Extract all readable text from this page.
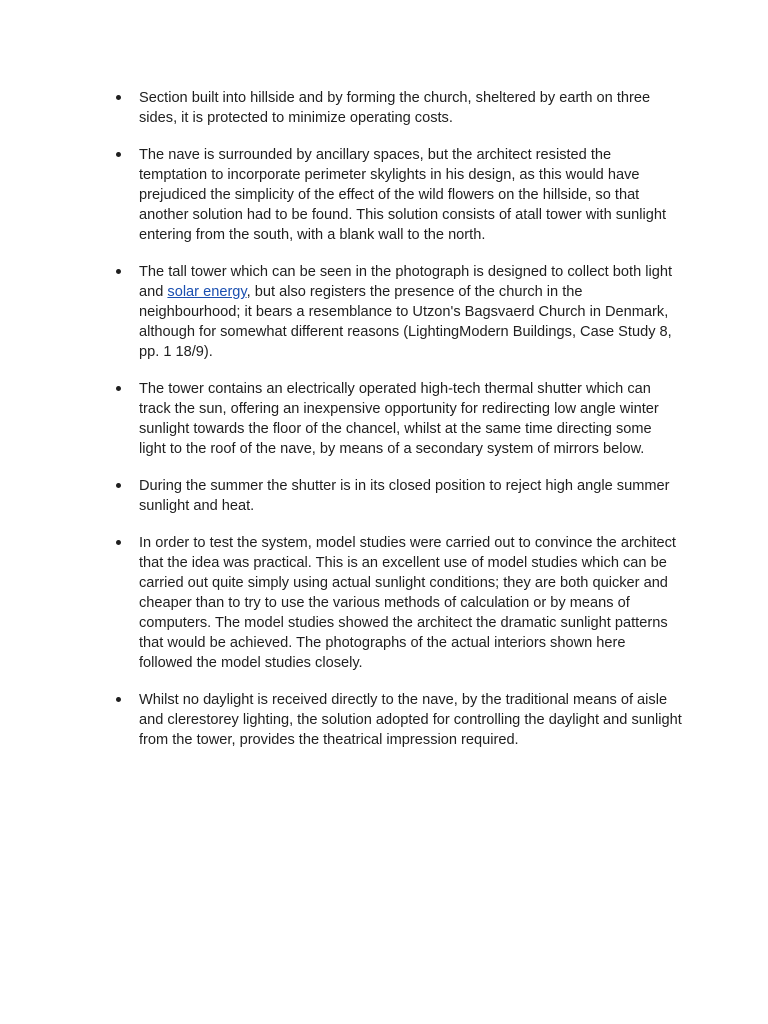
Section built into hillside and by forming the church, sheltered by earth on three sides, it is protected to minimize operating costs.
The nave is surrounded by ancillary spaces, but the architect resisted the temptation to incorporate perimeter skylights in his design, as this would have prejudiced the simplicity of the effect of the wild flowers on the hillside, so that another solution had to be found. This solution consists of atall tower with sunlight entering from the south, with a blank wall to the north.
The tall tower which can be seen in the photograph is designed to collect both light and solar energy, but also registers the presence of the church in the neighbourhood; it bears a resemblance to Utzon's Bagsvaerd Church in Denmark, although for somewhat different reasons (LightingModern Buildings, Case Study 8, pp. 1 18/9).
The tower contains an electrically operated high-tech thermal shutter which can track the sun, offering an inexpensive opportunity for redirecting low angle winter sunlight towards the floor of the chancel, whilst at the same time directing some light to the roof of the nave, by means of a secondary system of mirrors below.
During the summer the shutter is in its closed position to reject high angle summer sunlight and heat.
In order to test the system, model studies were carried out to convince the architect that the idea was practical. This is an excellent use of model studies which can be carried out quite simply using actual sunlight conditions; they are both quicker and cheaper than to try to use the various methods of calculation or by means of computers. The model studies showed the architect the dramatic sunlight patterns that would be achieved. The photographs of the actual interiors shown here followed the model studies closely.
Whilst no daylight is received directly to the nave, by the traditional means of aisle and clerestorey lighting, the solution adopted for controlling the daylight and sunlight from the tower, provides the theatrical impression required.
